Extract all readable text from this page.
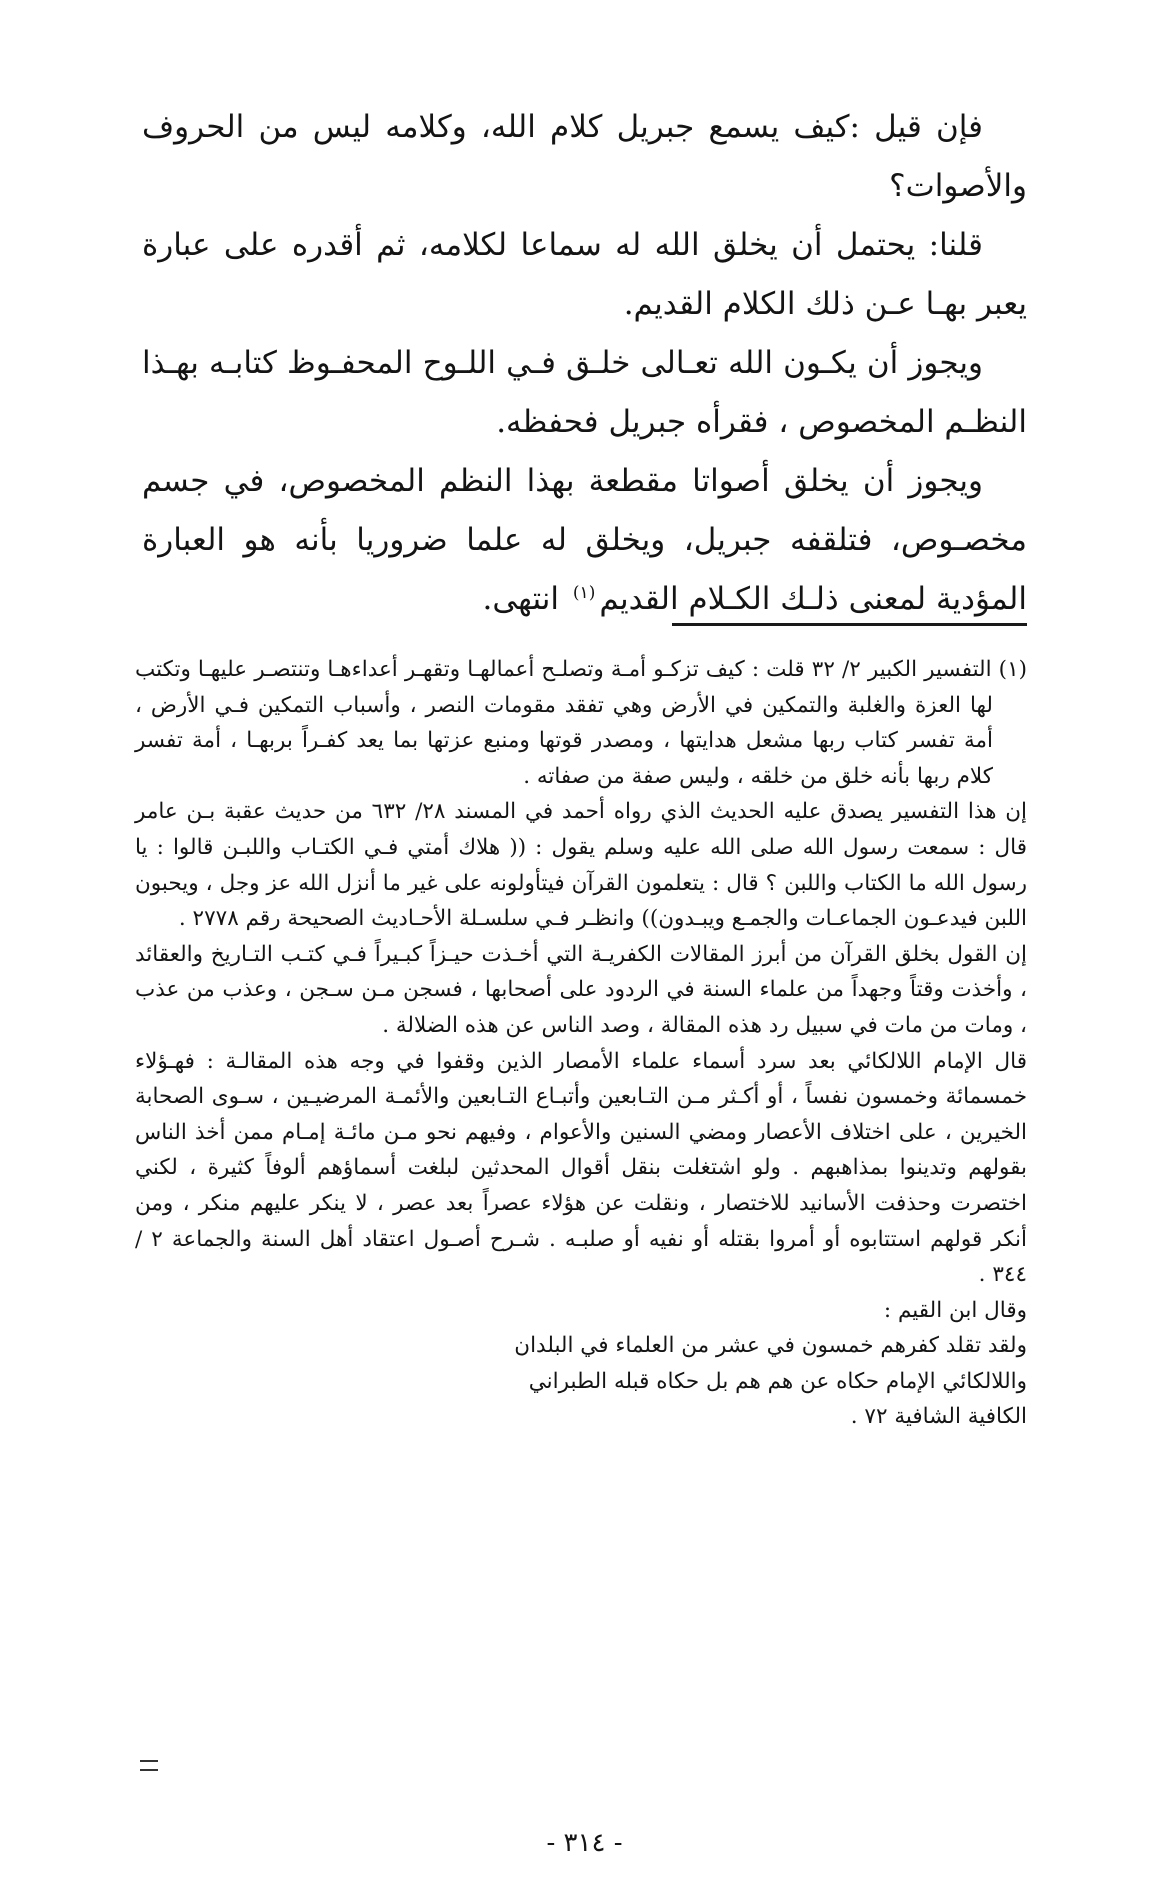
فإن قيل :كيف يسمع جبريل كلام الله، وكلامه ليس من الحروف والأصوات؟

قلنا: يحتمل أن يخلق الله له سماعا لكلامه، ثم أقدره على عبارة يعبر بهـا عـن ذلك الكلام القديم.

ويجوز أن يكـون الله تعـالى خلـق فـي اللـوح المحفـوظ كتابـه بهـذا النظـم المخصوص ، فقرأه جبريل فحفظه.

ويجوز أن يخلق أصواتا مقطعة بهذا النظم المخصوص، في جسم مخصـوص، فتلقفه جبريل، ويخلق له علما ضروريا بأنه هو العبارة المؤدية لمعنى ذلـك الكـلام القديم$^{(١)}$ انتهى.

(١) التفسير الكبير ٢/ ٣٢ قلت : كيف تزكـو أمـة وتصلـح أعمالهـا وتقهـر أعداءهـا وتنتصـر عليهـا وتكتب لها العزة والغلبة والتمكين في الأرض وهي تفقد مقومات النصر ، وأسباب التمكين فـي الأرض ، أمة تفسر كتاب ربها مشعل هدايتها ، ومصدر قوتها ومنبع عزتها بما يعد كفـراً بربهـا ، أمة تفسر كلام ربها بأنه خلق من خلقه ، وليس صفة من صفاته .

إن هذا التفسير يصدق عليه الحديث الذي رواه أحمد في المسند ٢٨/ ٦٣٢ من حديث عقبة بـن عامر قال : سمعت رسول الله صلى الله عليه وسلم يقول : (( هلاك أمتي فـي الكتـاب واللبـن قالوا : يا رسول الله ما الكتاب واللبن ؟ قال : يتعلمون القرآن فيتأولونه على غير ما أنزل الله عز وجل ، ويحبون اللبن فيدعـون الجماعـات والجمـع ويبـدون)) وانظـر فـي سلسـلة الأحـاديث الصحيحة رقم ٢٧٧٨ .

إن القول بخلق القرآن من أبرز المقالات الكفريـة التي أخـذت حيـزاً كبـيراً فـي كتـب التـاريخ والعقائد ، وأخذت وقتاً وجهداً من علماء السنة في الردود على أصحابها ، فسجن مـن سـجن ، وعذب من عذب ، ومات من مات في سبيل رد هذه المقالة ، وصد الناس عن هذه الضلالة .

قال الإمام اللالكائي بعد سرد أسماء علماء الأمصار الذين وقفوا في وجه هذه المقالـة : فهـؤلاء خمسمائة وخمسون نفساً ، أو أكـثر مـن التـابعين وأتبـاع التـابعين والأئمـة المرضيـين ، سـوى الصحابة الخيرين ، على اختلاف الأعصار ومضي السنين والأعوام ، وفيهم نحو مـن مائـة إمـام ممن أخذ الناس بقولهم وتدينوا بمذاهبهم . ولو اشتغلت بنقل أقوال المحدثين لبلغت أسماؤهم ألوفاً كثيرة ، لكني اختصرت وحذفت الأسانيد للاختصار ، ونقلت عن هؤلاء عصراً بعد عصر ، لا ينكر عليهم منكر ، ومن أنكر قولهم استتابوه أو أمروا بقتله أو نفيه أو صلبـه . شـرح أصـول اعتقاد أهل السنة والجماعة ٢ / ٣٤٤ .

وقال ابن القيم :

ولقد تقلد كفرهم خمسون في عشر من العلماء في البلدان

واللالكائي الإمام حكاه عن هم هم بل حكاه قبله الطبراني

الكافية الشافية ٧٢ .

- ٣١٤ -
